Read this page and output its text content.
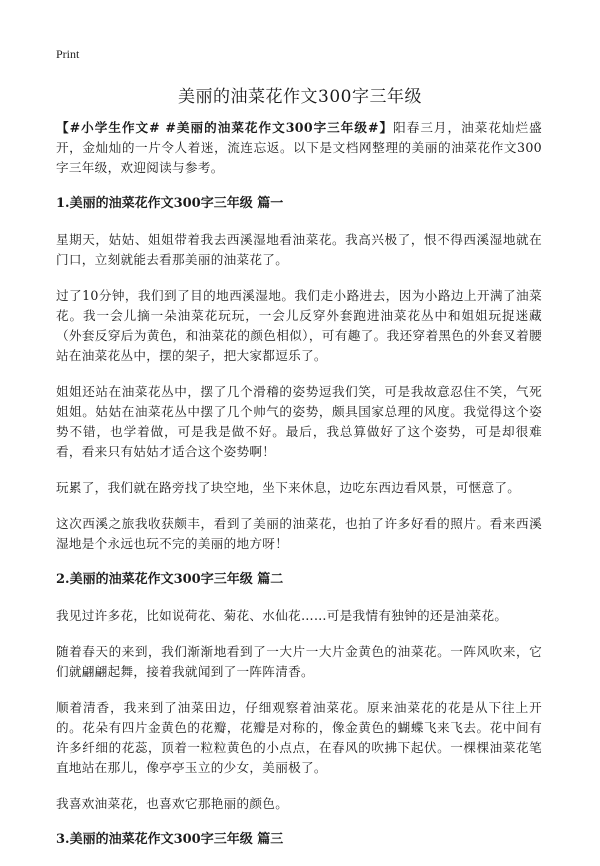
Print
美丽的油菜花作文300字三年级

【#小学生作文# #美丽的油菜花作文300字三年级#】阳春三月，油菜花灿烂盛开，金灿灿的一片令人着迷，流连忘返。以下是文档网整理的美丽的油菜花作文300字三年级，欢迎阅读与参考。

1.美丽的油菜花作文300字三年级 篇一

星期天，姑姑、姐姐带着我去西溪湿地看油菜花。我高兴极了，恨不得西溪湿地就在门口，立刻就能去看那美丽的油菜花了。

过了10分钟，我们到了目的地西溪湿地。我们走小路进去，因为小路边上开满了油菜花。我一会儿摘一朵油菜花玩玩，一会儿反穿外套跑进油菜花丛中和姐姐玩捉迷藏（外套反穿后为黄色，和油菜花的颜色相似），可有趣了。我还穿着黑色的外套叉着腰站在油菜花丛中，摆的架子，把大家都逗乐了。

姐姐还站在油菜花丛中，摆了几个滑稽的姿势逗我们笑，可是我故意忍住不笑，气死姐姐。姑姑在油菜花丛中摆了几个帅气的姿势，颇具国家总理的风度。我觉得这个姿势不错，也学着做，可是我是做不好。最后，我总算做好了这个姿势，可是却很难看，看来只有姑姑才适合这个姿势啊！

玩累了，我们就在路旁找了块空地，坐下来休息，边吃东西边看风景，可惬意了。

这次西溪之旅我收获颇丰，看到了美丽的油菜花，也拍了许多好看的照片。看来西溪湿地是个永远也玩不完的美丽的地方呀！

2.美丽的油菜花作文300字三年级 篇二

我见过许多花，比如说荷花、菊花、水仙花……可是我情有独钟的还是油菜花。

随着春天的来到，我们渐渐地看到了一大片一大片金黄色的油菜花。一阵风吹来，它们就翩翩起舞，接着我就闻到了一阵阵清香。

顺着清香，我来到了油菜田边，仔细观察着油菜花。原来油菜花的花是从下往上开的。花朵有四片金黄色的花瓣，花瓣是对称的，像金黄色的蝴蝶飞来飞去。花中间有许多纤细的花蕊，顶着一粒粒黄色的小点点，在春风的吹拂下起伏。一棵棵油菜花笔直地站在那儿，像亭亭玉立的少女，美丽极了。

我喜欢油菜花，也喜欢它那艳丽的颜色。

3.美丽的油菜花作文300字三年级 篇三
